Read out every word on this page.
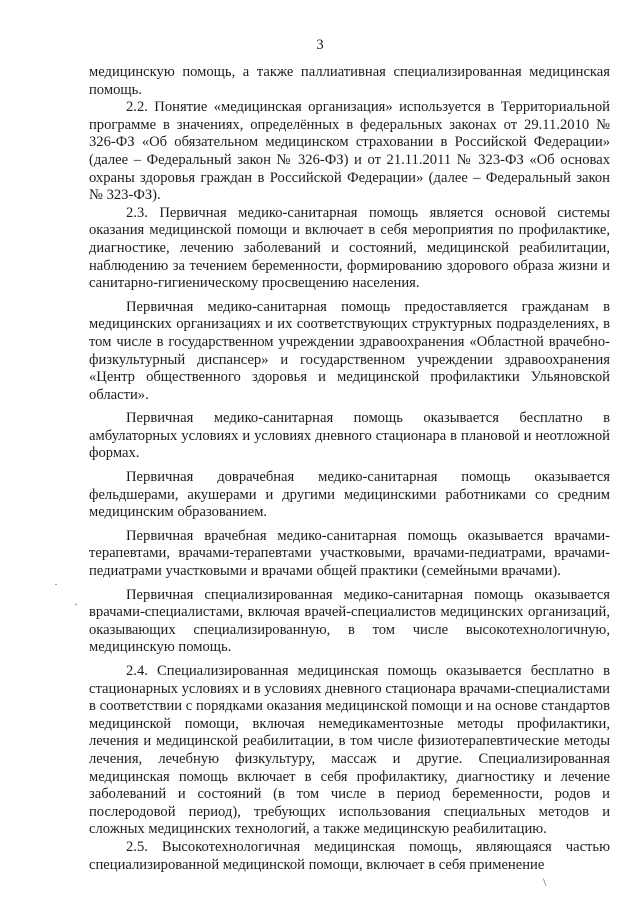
3

медицинскую помощь, а также паллиативная специализированная медицинская помощь.

2.2. Понятие «медицинская организация» используется в Территориальной программе в значениях, определённых в федеральных законах от 29.11.2010 № 326-ФЗ «Об обязательном медицинском страховании в Российской Федерации» (далее – Федеральный закон № 326-ФЗ) и от 21.11.2011 № 323-ФЗ «Об основах охраны здоровья граждан в Российской Федерации» (далее – Федеральный закон № 323-ФЗ).

2.3. Первичная медико-санитарная помощь является основой системы оказания медицинской помощи и включает в себя мероприятия по профилактике, диагностике, лечению заболеваний и состояний, медицинской реабилитации, наблюдению за течением беременности, формированию здорового образа жизни и санитарно-гигиеническому просвещению населения.

Первичная медико-санитарная помощь предоставляется гражданам в медицинских организациях и их соответствующих структурных подразделениях, в том числе в государственном учреждении здравоохранения «Областной врачебно-физкультурный диспансер» и государственном учреждении здравоохранения «Центр общественного здоровья и медицинской профилактики Ульяновской области».

Первичная медико-санитарная помощь оказывается бесплатно в амбулаторных условиях и условиях дневного стационара в плановой и неотложной формах.

Первичная доврачебная медико-санитарная помощь оказывается фельдшерами, акушерами и другими медицинскими работниками со средним медицинским образованием.

Первичная врачебная медико-санитарная помощь оказывается врачами-терапевтами, врачами-терапевтами участковыми, врачами-педиатрами, врачами-педиатрами участковыми и врачами общей практики (семейными врачами).

Первичная специализированная медико-санитарная помощь оказывается врачами-специалистами, включая врачей-специалистов медицинских организаций, оказывающих специализированную, в том числе высокотехнологичную, медицинскую помощь.

2.4. Специализированная медицинская помощь оказывается бесплатно в стационарных условиях и в условиях дневного стационара врачами-специалистами в соответствии с порядками оказания медицинской помощи и на основе стандартов медицинской помощи, включая немедикаментозные методы профилактики, лечения и медицинской реабилитации, в том числе физиотерапевтические методы лечения, лечебную физкультуру, массаж и другие. Специализированная медицинская помощь включает в себя профилактику, диагностику и лечение заболеваний и состояний (в том числе в период беременности, родов и послеродовой период), требующих использования специальных методов и сложных медицинских технологий, а также медицинскую реабилитацию.

2.5. Высокотехнологичная медицинская помощь, являющаяся частью специализированной медицинской помощи, включает в себя применение

·
`
\
